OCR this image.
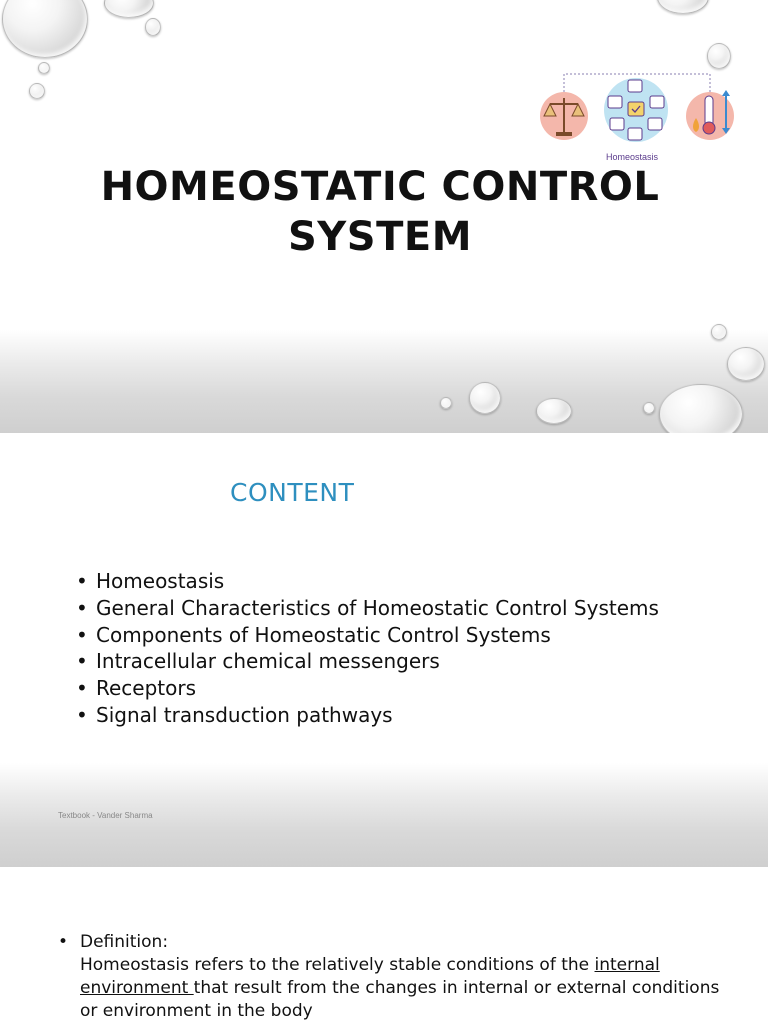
Homeostasis
HOMEOSTATIC CONTROL
SYSTEM
CONTENT
• Homeostasis
• General Characteristics of Homeostatic Control Systems
• Components of Homeostatic Control Systems
• Intracellular chemical messengers
• Receptors
• Signal transduction pathways
Textbook - Vander Sharma
• Definition:
Homeostasis refers to the relatively stable conditions of the internal environment that result from the changes in internal or external conditions or environment in the body
